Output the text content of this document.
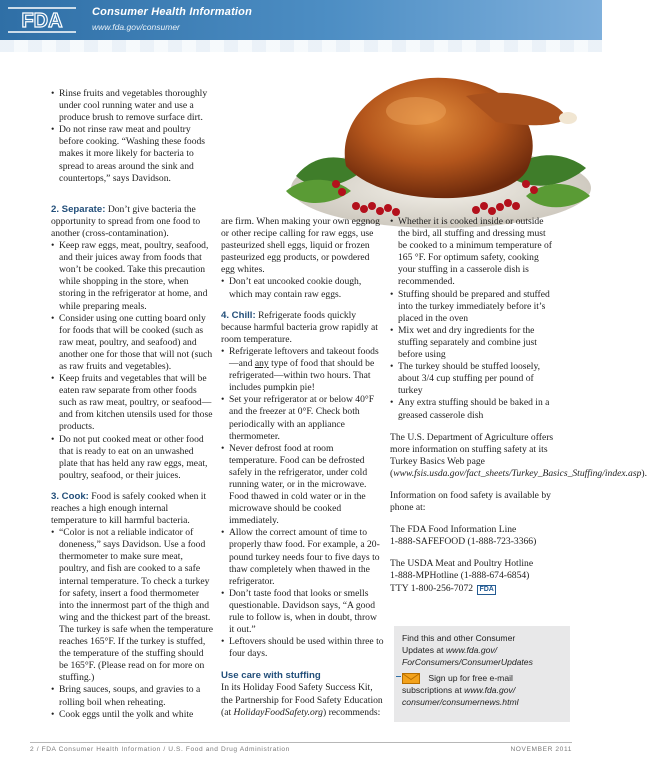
FDA	Consumer Health Information
www.fda.gov/consumer
• Rinse fruits and vegetables thoroughly under cool running water and use a produce brush to remove surface dirt.
• Do not rinse raw meat and poultry before cooking. “Washing these foods makes it more likely for bacteria to spread to areas around the sink and countertops,” says Davidson.

2. Separate: Don’t give bacteria the opportunity to spread from one food to another (cross-contamination).

• Keep raw eggs, meat, poultry, seafood, and their juices away from foods that won’t be cooked. Take this precaution while shopping in the store, when storing in the refrigerator at home, and while preparing meals.
• Consider using one cutting board only for foods that will be cooked (such as raw meat, poultry, and seafood) and another one for those that will not (such as raw fruits and vegetables).
• Keep fruits and vegetables that will be eaten raw separate from other foods such as raw meat, poultry, or seafood—and from kitchen utensils used for those products.
• Do not put cooked meat or other food that is ready to eat on an unwashed plate that has held any raw eggs, meat, poultry, seafood, or their juices.

3. Cook: Food is safely cooked when it reaches a high enough internal temperature to kill harmful bacteria.

• “Color is not a reliable indicator of doneness,” says Davidson. Use a food thermometer to make sure meat, poultry, and fish are cooked to a safe internal temperature. To check a turkey for safety, insert a food thermometer into the innermost part of the thigh and wing and the thickest part of the breast. The turkey is safe when the temperature reaches 165°F. If the turkey is stuffed, the temperature of the stuffing should be 165°F. (Please read on for more on stuffing.)
• Bring sauces, soups, and gravies to a rolling boil when reheating.
• Cook eggs until the yolk and white

are firm. When making your own eggnog or other recipe calling for raw eggs, use pasteurized shell eggs, liquid or frozen pasteurized egg products, or powdered egg whites.

• Don’t eat uncooked cookie dough, which may contain raw eggs.

4. Chill: Refrigerate foods quickly because harmful bacteria grow rapidly at room temperature.

• Refrigerate leftovers and takeout foods—and any type of food that should be refrigerated—within two hours. That includes pumpkin pie!
• Set your refrigerator at or below 40°F and the freezer at 0°F. Check both periodically with an appliance thermometer.
• Never defrost food at room temperature. Food can be defrosted safely in the refrigerator, under cold running water, or in the microwave. Food thawed in cold water or in the microwave should be cooked immediately.
• Allow the correct amount of time to properly thaw food. For example, a 20-pound turkey needs four to five days to thaw completely when thawed in the refrigerator.
• Don’t taste food that looks or smells questionable. Davidson says, “A good rule to follow is, when in doubt, throw it out.”
• Leftovers should be used within three to four days.

Use care with stuffing

In its Holiday Food Safety Success Kit, the Partnership for Food Safety Education (at HolidayFoodSafety.org) recommends:

• Whether it is cooked inside or outside the bird, all stuffing and dressing must be cooked to a minimum temperature of 165 °F. For optimum safety, cooking your stuffing in a casserole dish is recommended.
• Stuffing should be prepared and stuffed into the turkey immediately before it’s placed in the oven
• Mix wet and dry ingredients for the stuffing separately and combine just before using
• The turkey should be stuffed loosely, about 3/4 cup stuffing per pound of turkey
• Any extra stuffing should be baked in a greased casserole dish

The U.S. Department of Agriculture offers more information on stuffing safety at its Turkey Basics Web page (www.fsis.usda.gov/fact_sheets/Turkey_Basics_Stuffing/index.asp).

Information on food safety is available by phone at:

The FDA Food Information Line

1-888-SAFEFOOD (1-888-723-3366)

The USDA Meat and Poultry Hotline

1-888-MPHotline (1-888-674-6854)

TTY 1-800-256-7072 FDA

Find this and other Consumer
Updates at www.fda.gov/
ForConsumers/ConsumerUpdates
Sign up for free e-mail
subscriptions at www.fda.gov/
consumer/consumernews.html
2 / FDA Consumer Health Information / U.S. Food and Drug Administration	NOVEMBER 2011
